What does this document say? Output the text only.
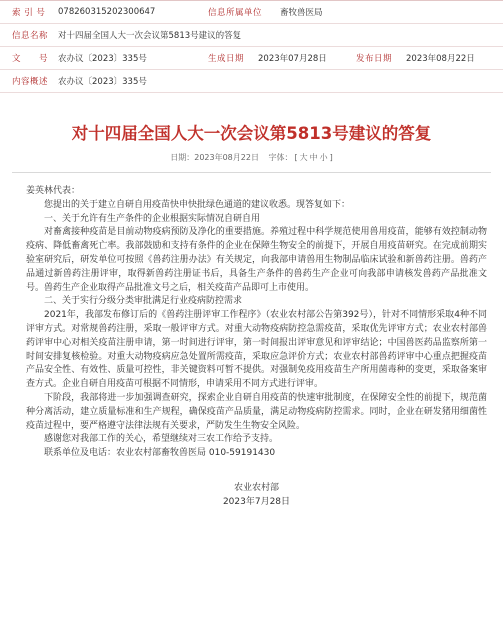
索 引 号	078260315202300647	信息所属单位	畜牧兽医局
信息名称	对十四届全国人大一次会议第5813号建议的答复
文　　号	农办议〔2023〕335号	生成日期	2023年07月28日	发布日期	2023年08月22日
内容概述	农办议〔2023〕335号
对十四届全国人大一次会议第5813号建议的答复
日期：2023年08月22日 字体： [ 大 中 小 ]

姜英林代表：

您提出的关于建立自研自用疫苗快申快批绿色通道的建议收悉。现答复如下：

一、关于允许有生产条件的企业根据实际情况自研自用

对畜禽接种疫苗是目前动物疫病预防及净化的重要措施。养殖过程中科学规范使用兽用疫苗，能够有效控制动物疫病、降低畜禽死亡率。我部鼓励和支持有条件的企业在保障生物安全的前提下，开展自用疫苗研究。在完成前期实验室研究后，研发单位可按照《兽药注册办法》有关规定，向我部申请兽用生物制品临床试验和新兽药注册。兽药产品通过新兽药注册评审，取得新兽药注册证书后，具备生产条件的兽药生产企业可向我部申请核发兽药产品批准文号。兽药生产企业取得产品批准文号之后，相关疫苗产品即可上市使用。

二、关于实行分级分类审批满足行业疫病防控需求

2021年，我部发布修订后的《兽药注册评审工作程序》（农业农村部公告第392号），针对不同情形采取4种不同评审方式。对常规兽药注册，采取一般评审方式。对重大动物疫病防控急需疫苗，采取优先评审方式；农业农村部兽药评审中心对相关疫苗注册申请，第一时间进行评审，第一时间报出评审意见和评审结论；中国兽医药品监察所第一时间安排复核检验。对重大动物疫病应急处置所需疫苗，采取应急评价方式；农业农村部兽药评审中心重点把握疫苗产品安全性、有效性、质量可控性，非关键资料可暂不提供。对强制免疫用疫苗生产所用菌毒种的变更，采取备案审查方式。企业自研自用疫苗可根据不同情形，申请采用不同方式进行评审。

下阶段，我部将进一步加强调查研究，探索企业自研自用疫苗的快速审批制度，在保障安全性的前提下，规范菌种分离活动，建立质量标准和生产规程，确保疫苗产品质量，满足动物疫病防控需求。同时，企业在研发猪用细菌性疫苗过程中，要严格遵守法律法规有关要求，严防发生生物安全风险。

感谢您对我部工作的关心，希望继续对三农工作给予支持。

联系单位及电话：农业农村部畜牧兽医局 010-59191430

农业农村部
2023年7月28日
